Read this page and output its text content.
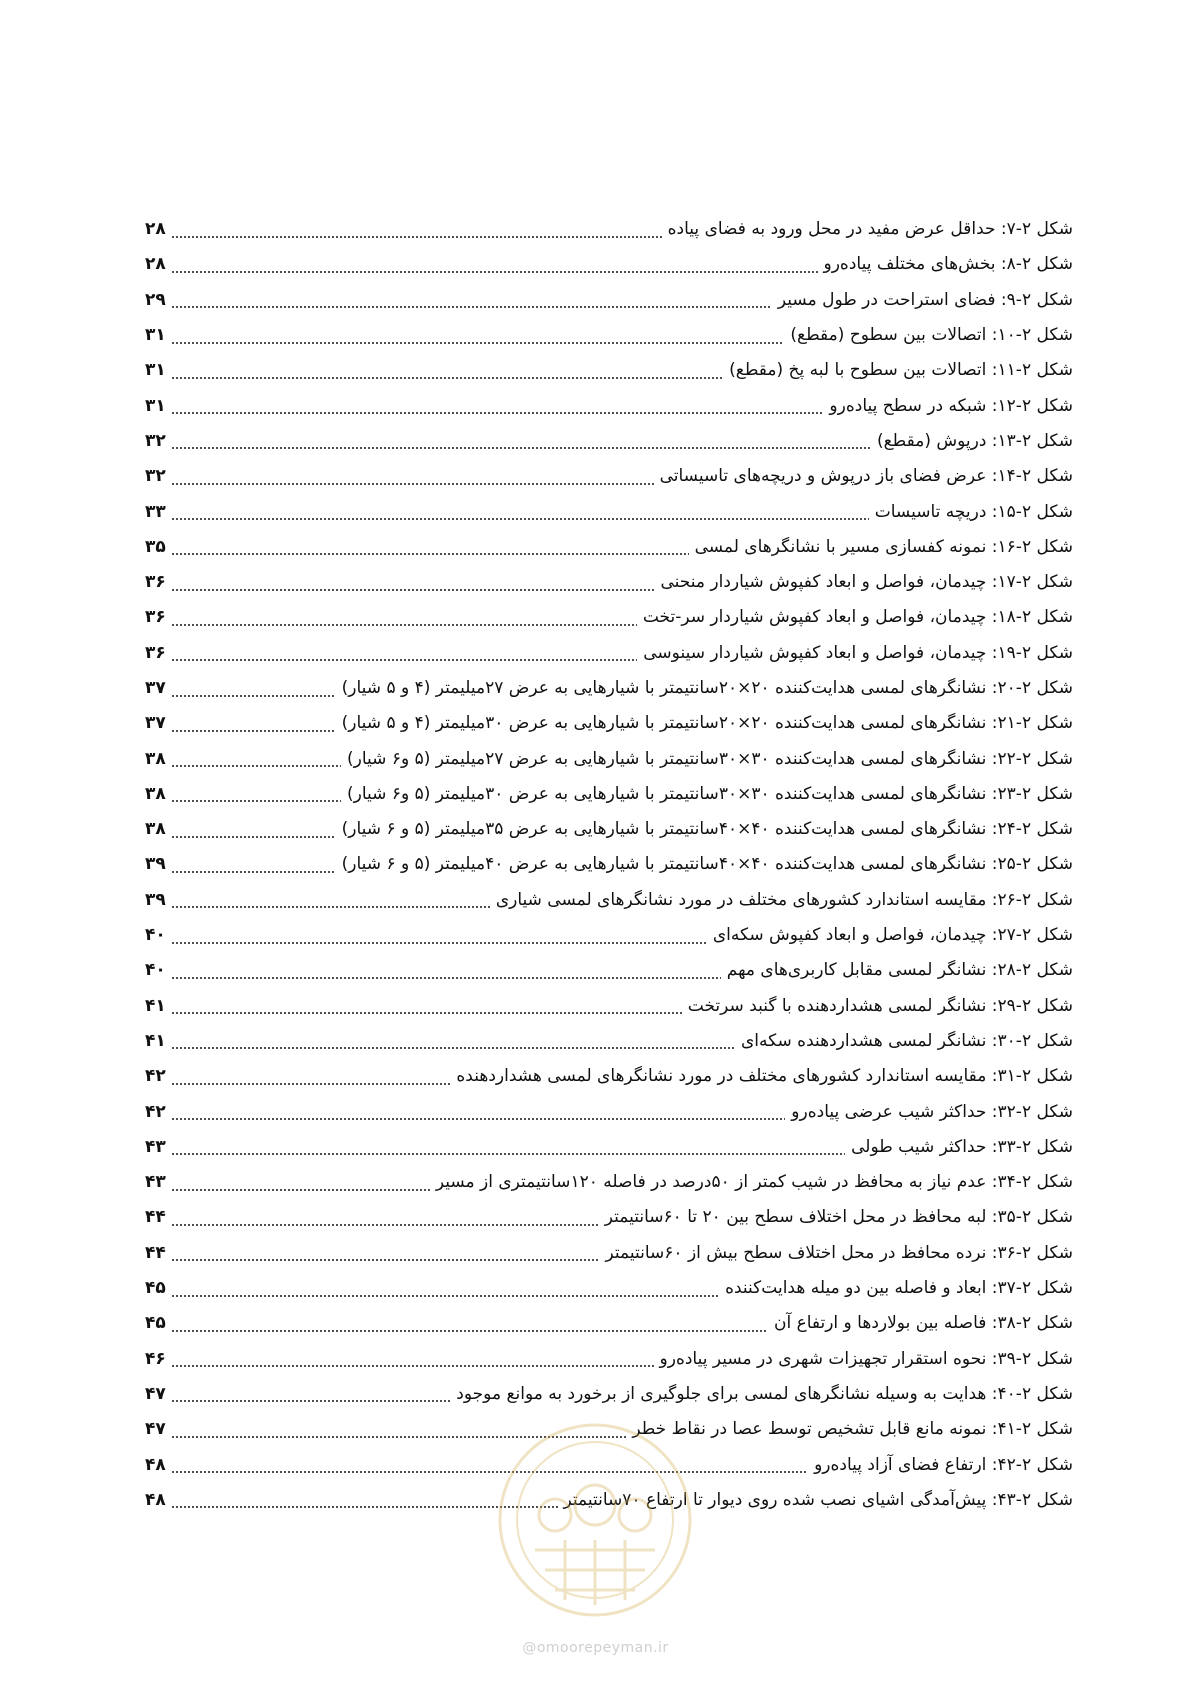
شکل ۲-۷: حداقل عرض مفید در محل ورود به فضای پیاده
۲۸
شکل ۲-۸: بخش‌های مختلف پیاده‌رو
۲۸
شکل ۲-۹: فضای استراحت در طول مسیر
۲۹
شکل ۲-۱۰: اتصالات بین سطوح (مقطع)
۳۱
شکل ۲-۱۱: اتصالات بین سطوح با لبه پخ (مقطع)
۳۱
شکل ۲-۱۲: شبکه در سطح پیاده‌رو
۳۱
شکل ۲-۱۳: درپوش (مقطع)
۳۲
شکل ۲-۱۴: عرض فضای باز درپوش و دریچه‌های تاسیساتی
۳۲
شکل ۲-۱۵: دریچه تاسیسات
۳۳
شکل ۲-۱۶: نمونه کفسازی مسیر با نشانگرهای لمسی
۳۵
شکل ۲-۱۷: چیدمان، فواصل و ابعاد کفپوش شیاردار منحنی
۳۶
شکل ۲-۱۸: چیدمان، فواصل و ابعاد کفپوش شیاردار سر-تخت
۳۶
شکل ۲-۱۹: چیدمان، فواصل و ابعاد کفپوش شیاردار سینوسی
۳۶
شکل ۲-۲۰: نشانگرهای لمسی هدایت‌کننده ۲۰×۲۰سانتیمتر با شیارهایی به عرض ۲۷میلیمتر (۴ و ۵ شیار)
۳۷
شکل ۲-۲۱: نشانگرهای لمسی هدایت‌کننده ۲۰×۲۰سانتیمتر با شیارهایی به عرض ۳۰میلیمتر (۴ و ۵ شیار)
۳۷
شکل ۲-۲۲: نشانگرهای لمسی هدایت‌کننده ۳۰×۳۰سانتیمتر با شیارهایی به عرض ۲۷میلیمتر (۵ و۶ شیار)
۳۸
شکل ۲-۲۳: نشانگرهای لمسی هدایت‌کننده ۳۰×۳۰سانتیمتر با شیارهایی به عرض ۳۰میلیمتر (۵ و۶ شیار)
۳۸
شکل ۲-۲۴: نشانگرهای لمسی هدایت‌کننده ۴۰×۴۰سانتیمتر با شیارهایی به عرض ۳۵میلیمتر (۵ و ۶ شیار)
۳۸
شکل ۲-۲۵: نشانگرهای لمسی هدایت‌کننده ۴۰×۴۰سانتیمتر با شیارهایی به عرض ۴۰میلیمتر (۵ و ۶ شیار)
۳۹
شکل ۲-۲۶: مقایسه استاندارد کشورهای مختلف در مورد نشانگرهای لمسی شیاری
۳۹
شکل ۲-۲۷: چیدمان، فواصل و ابعاد کفپوش سکه‌ای
۴۰
شکل ۲-۲۸: نشانگر لمسی مقابل کاربری‌های مهم
۴۰
شکل ۲-۲۹: نشانگر لمسی هشداردهنده با گنبد سرتخت
۴۱
شکل ۲-۳۰: نشانگر لمسی هشداردهنده سکه‌ای
۴۱
شکل ۲-۳۱: مقایسه استاندارد کشورهای مختلف در مورد نشانگرهای لمسی هشداردهنده
۴۲
شکل ۲-۳۲: حداکثر شیب عرضی پیاده‌رو
۴۲
شکل ۲-۳۳: حداکثر شیب طولی
۴۳
شکل ۲-۳۴: عدم نیاز به محافظ در شیب کمتر از ۵۰درصد در فاصله ۱۲۰سانتیمتری از مسیر
۴۳
شکل ۲-۳۵: لبه محافظ در محل اختلاف سطح بین ۲۰ تا ۶۰سانتیمتر
۴۴
شکل ۲-۳۶: نرده محافظ در محل اختلاف سطح بیش از ۶۰سانتیمتر
۴۴
شکل ۲-۳۷: ابعاد و فاصله بین دو میله هدایت‌کننده
۴۵
شکل ۲-۳۸: فاصله بین بولاردها و ارتفاع آن
۴۵
شکل ۲-۳۹: نحوه استقرار تجهیزات شهری در مسیر پیاده‌رو
۴۶
شکل ۲-۴۰: هدایت به وسیله نشانگرهای لمسی برای جلوگیری از برخورد به موانع موجود
۴۷
شکل ۲-۴۱: نمونه مانع قابل تشخیص توسط عصا در نقاط خطر
۴۷
شکل ۲-۴۲: ارتفاع فضای آزاد پیاده‌رو
۴۸
شکل ۲-۴۳: پیش‌آمدگی اشیای نصب شده روی دیوار تا ارتفاع ۷۰سانتیمتر
۴۸
@omoorepeyman.ir
